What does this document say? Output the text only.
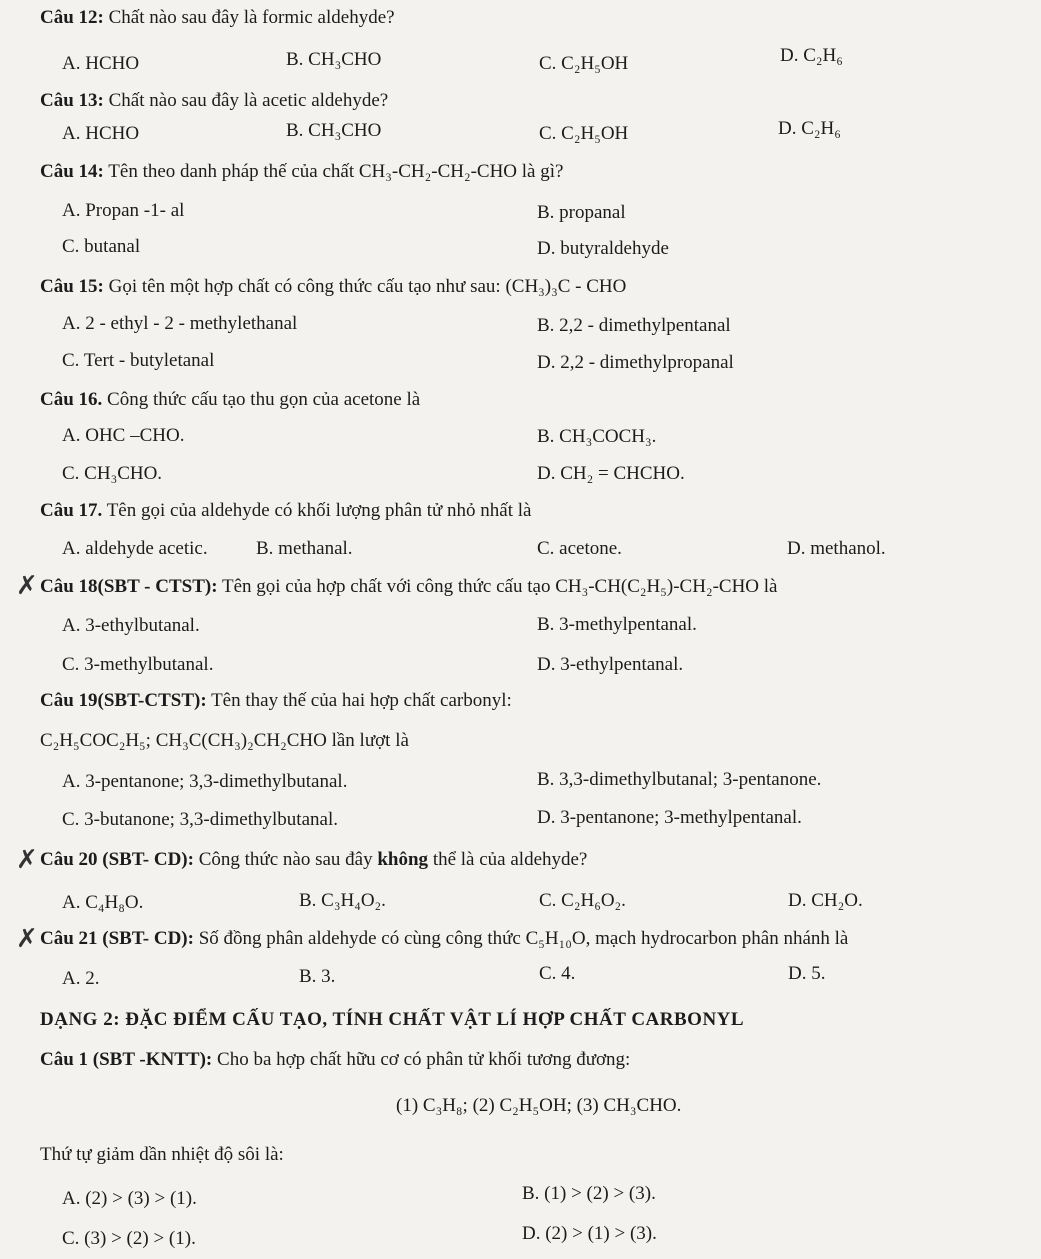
Câu 12: Chất nào sau đây là formic aldehyde?
A. HCHO	B. CH₃CHO	C. C₂H₅OH	D. C₂H₆
Câu 13: Chất nào sau đây là acetic aldehyde?
A. HCHO	B. CH₃CHO	C. C₂H₅OH	D. C₂H₆
Câu 14: Tên theo danh pháp thế của chất CH₃-CH₂-CH₂-CHO là gì?
A. Propan -1- al	B. propanal
C. butanal	D. butyraldehyde
Câu 15: Gọi tên một hợp chất có công thức cấu tạo như sau: (CH₃)₃C - CHO
A. 2 - ethyl - 2 - methylethanal	B. 2,2 - dimethylpentanal
C. Tert - butyletanal	D. 2,2 - dimethylpropanal
Câu 16. Công thức cấu tạo thu gọn của acetone là
A. OHC –CHO.	B. CH₃COCH₃.
C. CH₃CHO.	D. CH₂ = CHCHO.
Câu 17. Tên gọi của aldehyde có khối lượng phân tử nhỏ nhất là
A. aldehyde acetic.	B. methanal.	C. acetone.	D. methanol.
✗ Câu 18(SBT - CTST): Tên gọi của hợp chất với công thức cấu tạo CH₃-CH(C₂H₅)-CH₂-CHO là
A. 3-ethylbutanal.	B. 3-methylpentanal.
C. 3-methylbutanal.	D. 3-ethylpentanal.
Câu 19(SBT-CTST): Tên thay thế của hai hợp chất carbonyl:
C₂H₅COC₂H₅; CH₃C(CH₃)₂CH₂CHO lần lượt là
A. 3-pentanone; 3,3-dimethylbutanal.	B. 3,3-dimethylbutanal; 3-pentanone.
C. 3-butanone; 3,3-dimethylbutanal.	D. 3-pentanone; 3-methylpentanal.
✗ Câu 20 (SBT- CD): Công thức nào sau đây không thể là của aldehyde?
A. C₄H₈O.	B. C₃H₄O₂.	C. C₂H₆O₂.	D. CH₂O.
✗ Câu 21 (SBT- CD): Số đồng phân aldehyde có cùng công thức C₅H₁₀O, mạch hydrocarbon phân nhánh là
A. 2.	B. 3.	C. 4.	D. 5.
DẠNG 2: ĐẶC ĐIỂM CẤU TẠO, TÍNH CHẤT VẬT LÍ HỢP CHẤT CARBONYL
Câu 1 (SBT -KNTT): Cho ba hợp chất hữu cơ có phân tử khối tương đương:
(1) C₃H₈; (2) C₂H₅OH; (3) CH₃CHO.
Thứ tự giảm dần nhiệt độ sôi là:
A. (2) > (3) > (1).	B. (1) > (2) > (3).
C. (3) > (2) > (1).	D. (2) > (1) > (3).
